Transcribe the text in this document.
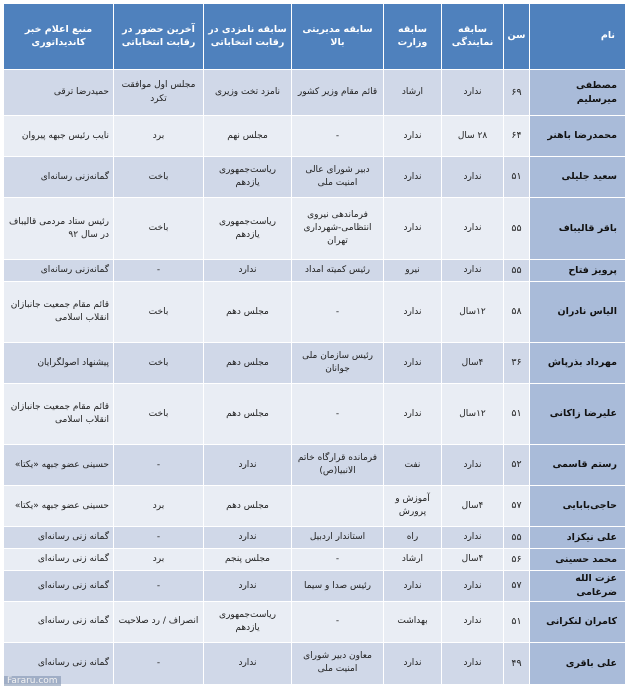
نام	سن	سابقه نمایندگی	سابقه وزارت	سابقه مدیریتی بالا	سابقه نامزدی در رقابت انتخاباتی	آخرین حضور در رقابت انتخاباتی	منبع اعلام خبر کاندیداتوری
مصطفی میرسلیم	۶۹	ندارد	ارشاد	قائم مقام وزیر کشور	نامزد تخت وزیری	مجلس اول موافقت تکرد	حمیدرضا ترقی
محمدرضا باهنر	۶۴	۲۸ سال	ندارد	-	مجلس نهم	برد	نایب رئیس جبهه پیروان
سعید جلیلی	۵۱	ندارد	ندارد	دبیر شورای عالی امنیت ملی	ریاست‌جمهوری یازدهم	باخت	گمانه‌زنی رسانه‌ای
باقر قالیباف	۵۵	ندارد	ندارد	فرماندهی نیروی انتظامی-شهرداری تهران	ریاست‌جمهوری یازدهم	باخت	رئیس ستاد مردمی قالیباف در سال ۹۲
پرویز فتاح	۵۵	ندارد	نیرو	رئیس کمیته امداد	ندارد	-	گمانه‌زنی رسانه‌ای
الیاس نادران	۵۸	۱۲سال	ندارد	-	مجلس دهم	باخت	قائم مقام جمعیت جانبازان انقلاب اسلامی
مهرداد بذرپاش	۳۶	۴سال	ندارد	رئیس سازمان ملی جوانان	مجلس دهم	باخت	پیشنهاد اصولگرایان
علیرضا زاکانی	۵۱	۱۲سال	ندارد	-	مجلس دهم	باخت	قائم مقام جمعیت جانبازان انقلاب اسلامی
رستم قاسمی	۵۲	ندارد	نفت	فرمانده قرارگاه خاتم الانبیا(ص)	ندارد	-	حسینی عضو جبهه «یکتا»
حاجی‌بابایی	۵۷	۴سال	آموزش و پرورش		مجلس دهم	برد	حسینی عضو جبهه «یکتا»
علی نیکزاد	۵۵	ندارد	راه	استاندار اردبیل	ندارد	-	گمانه زنی رسانه‌ای
محمد حسینی	۵۶	۴سال	ارشاد	-	مجلس پنجم	برد	گمانه زنی رسانه‌ای
عزت الله ضرغامی	۵۷	ندارد	ندارد	رئیس صدا و سیما	ندارد	-	گمانه زنی رسانه‌ای
کامران لنکرانی	۵۱	ندارد	بهداشت	-	ریاست‌جمهوری یازدهم	انصراف / رد صلاحیت	گمانه زنی رسانه‌ای
علی باقری	۴۹	ندارد	ندارد	معاون دبیر شورای امنیت ملی	ندارد	-	گمانه زنی رسانه‌ای
Fararu.com
